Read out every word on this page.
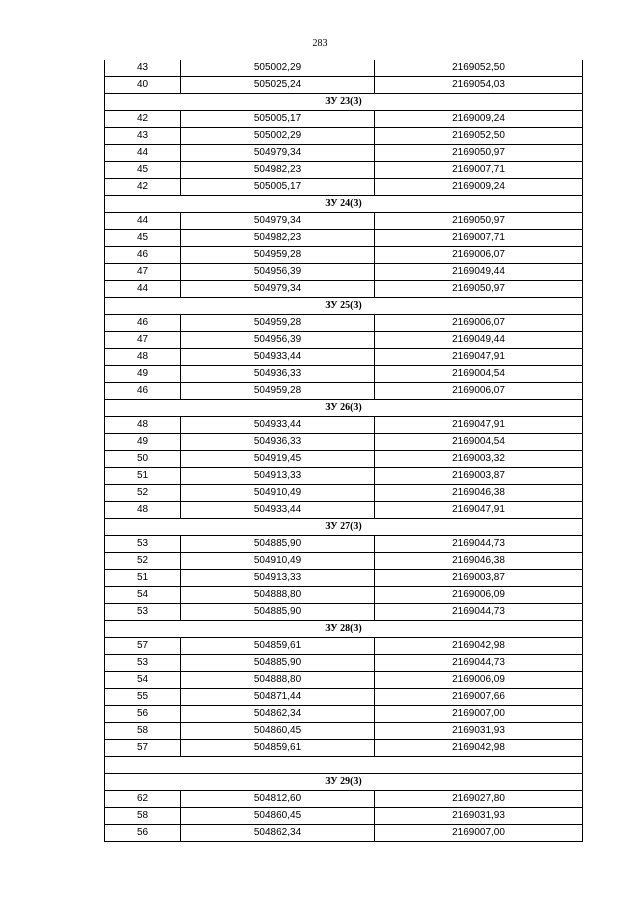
283
43	505002,29	2169052,50
40	505025,24	2169054,03
ЗУ 23(3)		
42	505005,17	2169009,24
43	505002,29	2169052,50
44	504979,34	2169050,97
45	504982,23	2169007,71
42	505005,17	2169009,24
ЗУ 24(3)		
44	504979,34	2169050,97
45	504982,23	2169007,71
46	504959,28	2169006,07
47	504956,39	2169049,44
44	504979,34	2169050,97
ЗУ 25(3)		
46	504959,28	2169006,07
47	504956,39	2169049,44
48	504933,44	2169047,91
49	504936,33	2169004,54
46	504959,28	2169006,07
ЗУ 26(3)		
48	504933,44	2169047,91
49	504936,33	2169004,54
50	504919,45	2169003,32
51	504913,33	2169003,87
52	504910,49	2169046,38
48	504933,44	2169047,91
ЗУ 27(3)		
53	504885,90	2169044,73
52	504910,49	2169046,38
51	504913,33	2169003,87
54	504888,80	2169006,09
53	504885,90	2169044,73
ЗУ 28(3)		
57	504859,61	2169042,98
53	504885,90	2169044,73
54	504888,80	2169006,09
55	504871,44	2169007,66
56	504862,34	2169007,00
58	504860,45	2169031,93
57	504859,61	2169042,98

ЗУ 29(3)		
62	504812,60	2169027,80
58	504860,45	2169031,93
56	504862,34	2169007,00
